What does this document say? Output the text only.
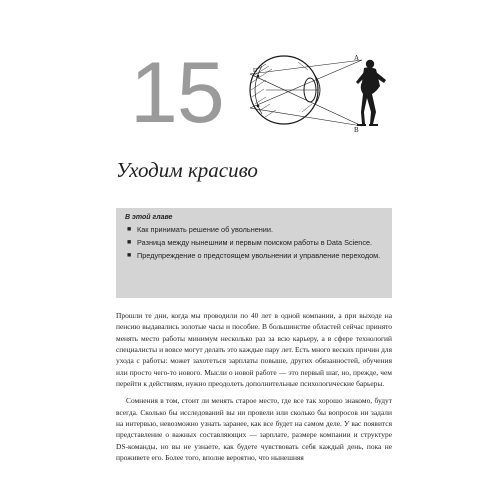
15	A
B
D
Уходим красиво
В этой главе
■ Как принимать решение об увольнении.
■ Разница между нынешним и первым поиском работы в Data Science.
■ Предупреждение о предстоящем увольнении и управление переходом.

Прошли те дни, когда мы проводили по 40 лет в одной компании, а при выходе на пенсию выдавались золотые часы и пособие. В большинстве областей сейчас принято менять место работы минимум несколько раз за всю карьеру, а в сфере технологий специалисты и вовсе могут делать это каждые пару лет. Есть много веских причин для ухода с работы: может захотеться зарплаты повыше, других обязанностей, обучения или просто чего-то нового. Мысли о новой работе — это первый шаг, но, прежде, чем перейти к действиям, нужно преодолеть дополнительные психологические барьеры.

Сомнения в том, стоит ли менять старое место, где все так хорошо знакомо, будут всегда. Сколько бы исследований вы ни провели или сколько бы вопросов ни задали на интервью, невозможно узнать заранее, как все будет на самом деле. У вас появится представление о важных составляющих — зарплате, размере компании и структуре DS-команды, но вы не узнаете, как будете чувствовать себя каждый день, пока не проживете его. Более того, вполне вероятно, что нынешняя
